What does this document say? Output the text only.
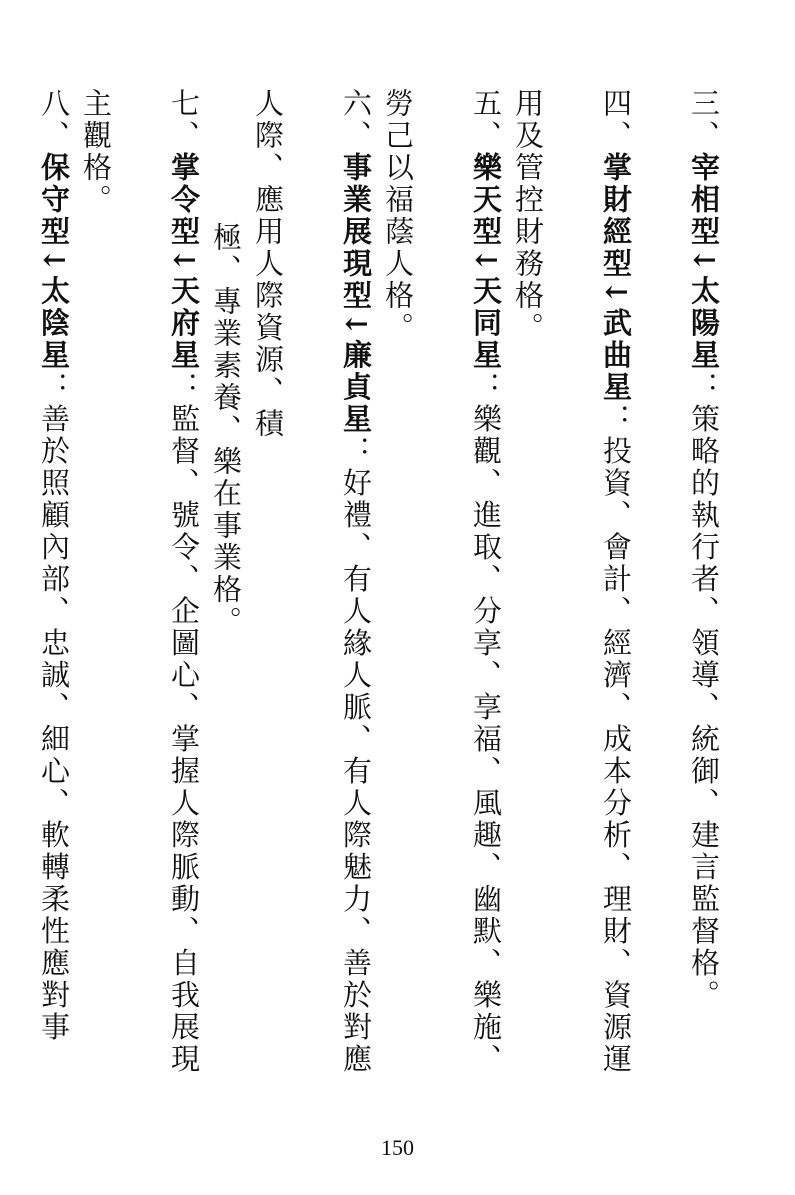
三、宰相型↓太陽星：策略的執行者、領導、統御、建言監督格。
四、掌財經型↓武曲星：投資、會計、經濟、成本分析、理財、資源運用及管控財務格。
五、樂天型↓天同星：樂觀、進取、分享、享福、風趣、幽默、樂施、勞己以福蔭人格。
六、事業展現型↓廉貞星：好禮、有人緣人脈、有人際魅力、善於對應人際、應用人際資源、積
極、專業素養、樂在事業格。
七、掌令型↓天府星：監督、號令、企圖心、掌握人際脈動、自我展現主觀格。
八、保守型↓太陰星：善於照顧內部、忠誠、細心、軟轉柔性應對事
150
